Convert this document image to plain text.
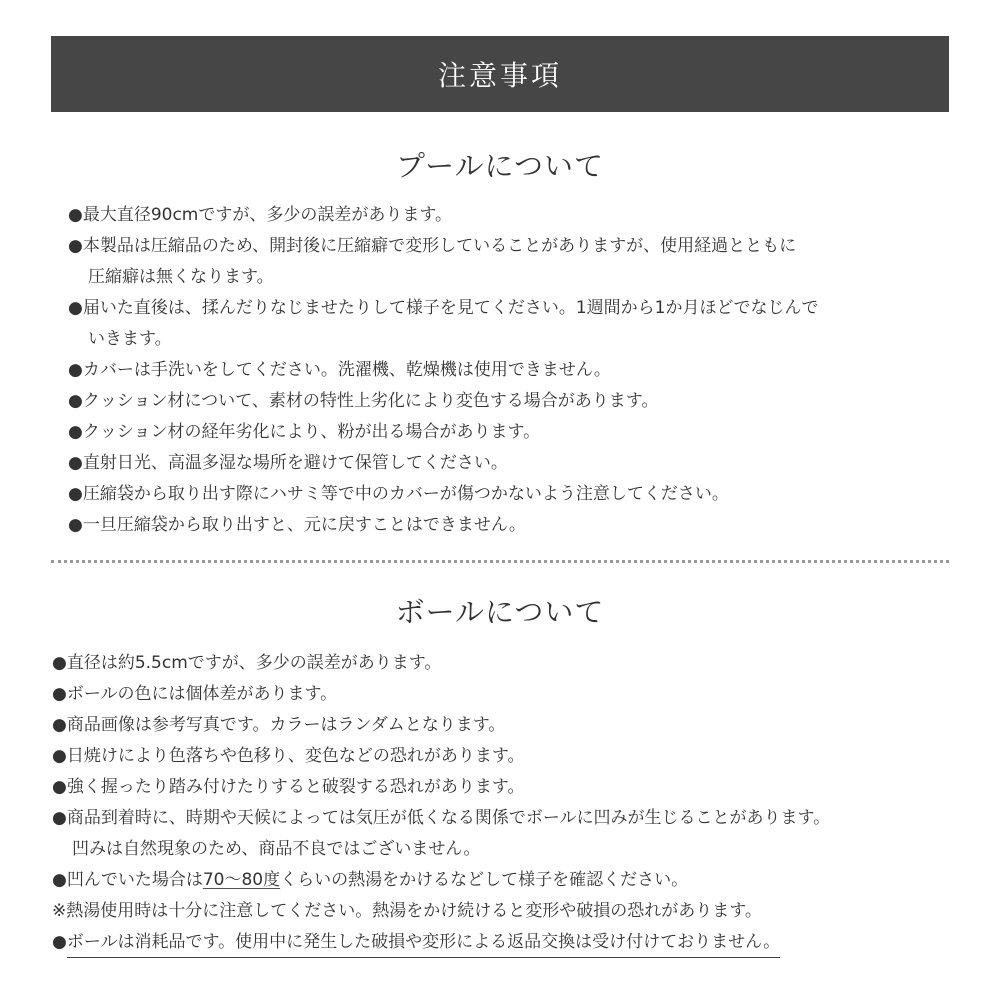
注意事項
プールについて
●最大直径90cmですが、多少の誤差があります。
●本製品は圧縮品のため、開封後に圧縮癖で変形していることがありますが、使用経過とともに
圧縮癖は無くなります。
●届いた直後は、揉んだりなじませたりして様子を見てください。1週間から1か月ほどでなじんで
いきます。
●カバーは手洗いをしてください。洗濯機、乾燥機は使用できません。
●クッション材について、素材の特性上劣化により変色する場合があります。
●クッション材の経年劣化により、粉が出る場合があります。
●直射日光、高温多湿な場所を避けて保管してください。
●圧縮袋から取り出す際にハサミ等で中のカバーが傷つかないよう注意してください。
●一旦圧縮袋から取り出すと、元に戻すことはできません。
ボールについて
●直径は約5.5cmですが、多少の誤差があります。
●ボールの色には個体差があります。
●商品画像は参考写真です。カラーはランダムとなります。
●日焼けにより色落ちや色移り、変色などの恐れがあります。
●強く握ったり踏み付けたりすると破裂する恐れがあります。
●商品到着時に、時期や天候によっては気圧が低くなる関係でボールに凹みが生じることがあります。
凹みは自然現象のため、商品不良ではございません。
●凹んでいた場合は70〜80度くらいの熱湯をかけるなどして様子を確認ください。
※熱湯使用時は十分に注意してください。熱湯をかけ続けると変形や破損の恐れがあります。
●ボールは消耗品です。使用中に発生した破損や変形による返品交換は受け付けておりません。
